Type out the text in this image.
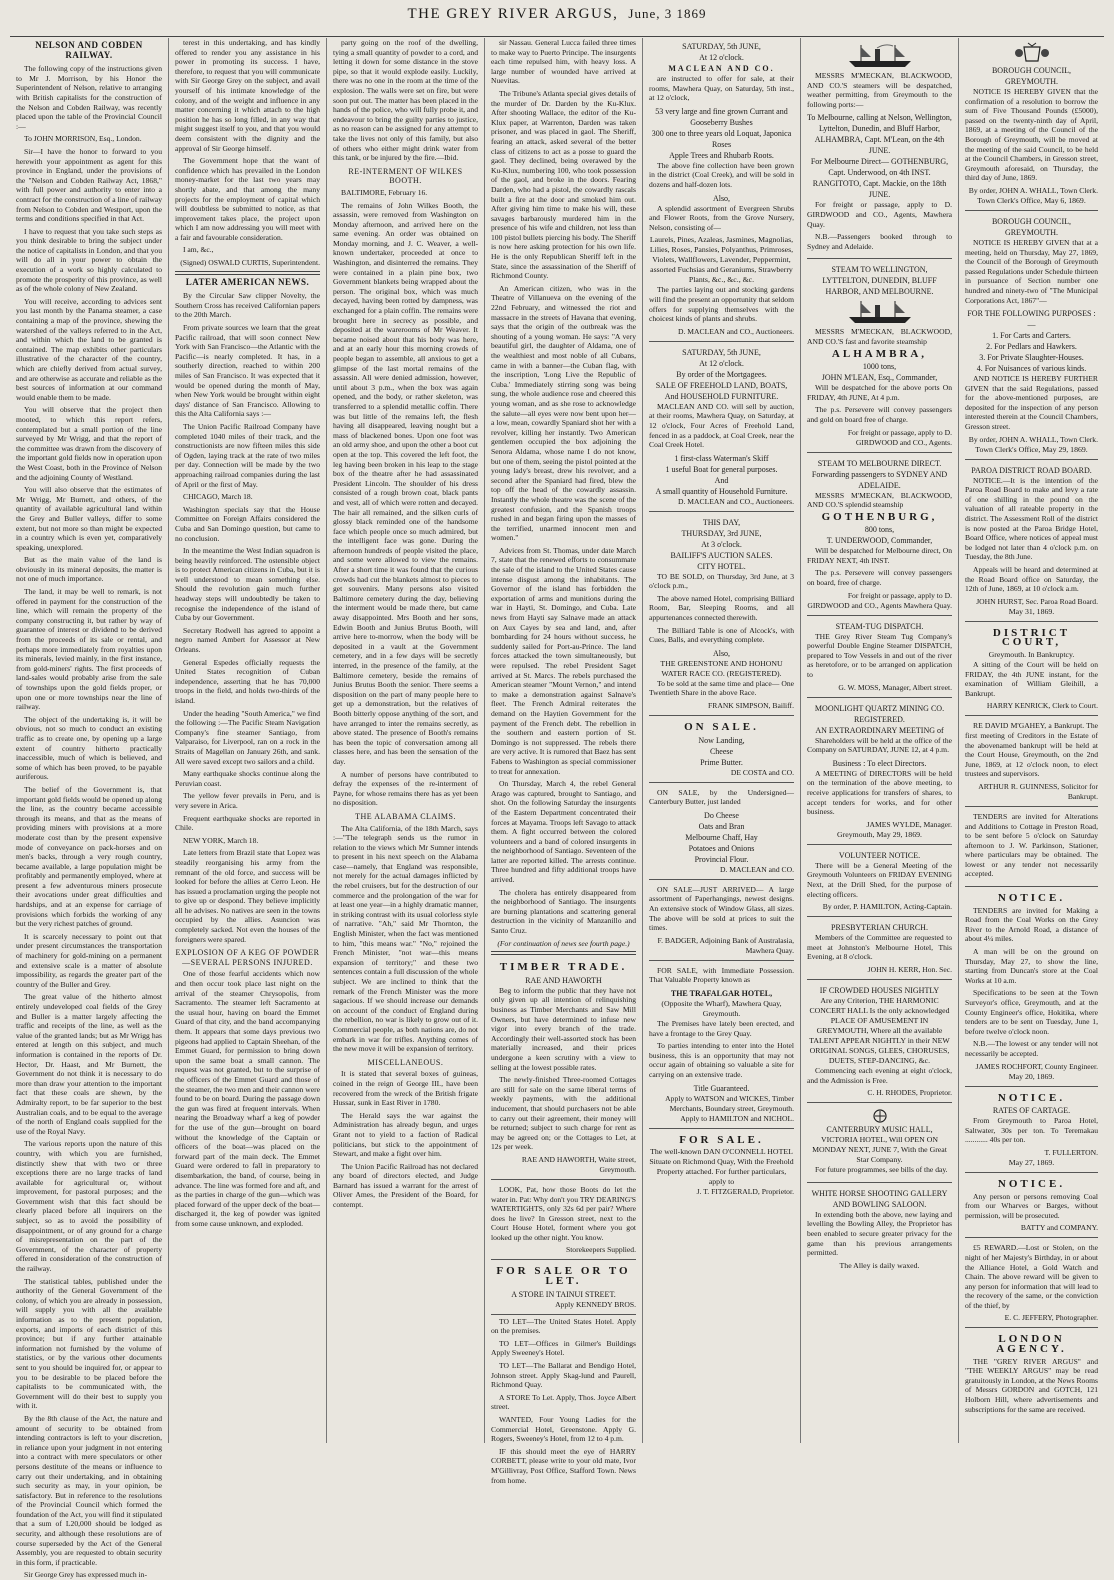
THE GREY RIVER ARGUS, June, 3 1869
NELSON AND COBDEN RAILWAY.

The following copy of the instructions given to Mr J. Morrison, by his Honor the Superintendent of Nelson, relative to arranging with British capitalists for the construction of the Nelson and Cobden Railway, was recently placed upon the table of the Provincial Council :—

To JOHN MORRISON, Esq., London.

Sir—I have the honor to forward to you herewith your appointment as agent for this province in England, under the provisions of the "Nelson and Cobden Railway Act, 1868," with full power and authority to enter into a contract for the construction of a line of railway from Nelson to Cobden and Westport, upon the terms and conditions specified in that Act.

I have to request that you take such steps as you think desirable to bring the subject under the notice of capitalists in London, and that you will do all in your power to obtain the execution of a work so highly calculated to promote the prosperity of this province, as well as of the whole colony of New Zealand.

You will receive, according to advices sent you last month by the Panama steamer, a case containing a map of the province, shewing the watershed of the valleys referred to in the Act, and within which the land to be granted is contained. The map exhibits other particulars illustrative of the character of the country, which are chiefly derived from actual survey, and are otherwise as accurate and reliable as the best sources of information at our command would enable them to be made.

You will observe that the project then mooted, to which this report refers, contemplated but a small portion of the line surveyed by Mr Wrigg, and that the report of the committee was drawn from the discovery of the important gold fields now in operation upon the West Coast, both in the Province of Nelson and the adjoining County of Westland.

You will also observe that the estimates of Mr Wrigg, Mr Burnett, and others, of the quantity of available agricultural land within the Grey and Buller valleys, differ to some extent, but not more so than might be expected in a country which is even yet, comparatively speaking, unexplored.

But as the main value of the land is obviously in its mineral deposits, the matter is not one of much importance.

The land, it may be well to remark, is not offered in payment for the construction of the line, which will remain the property of the company constructing it, but rather by way of guarantee of interest or dividend to be derived from the proceeds of its sale or rental, and perhaps more immediately from royalties upon its minerals, levied mainly, in the first instance, from gold-miners' rights. The first proceeds of land-sales would probably arise from the sale of townships upon the gold fields proper, or upon one or more townships near the line of railway.

The object of the undertaking is, it will be obvious, not so much to conduct an existing traffic as to create one, by opening up a large extent of country hitherto practically inaccessible, much of which is believed, and some of which has been proved, to be payable auriferous.

The belief of the Government is, that important gold fields would be opened up along the line, as the country became accessible through its means, and that as the means of providing miners with provisions at a more moderate cost than by the present expensive mode of conveyance on pack-horses and on men's backs, through a very rough country, became available, a large population might be profitably and permanently employed, where at present a few adventurous miners prosecute their avocations under great difficulties and hardships, and at an expense for carriage of provisions which forbids the working of any but the very richest patches of ground.

It is scarcely necessary to point out that under present circumstances the transportation of machinery for gold-mining on a permanent and extensive scale is a matter of absolute impossibility, as regards the greater part of the country of the Buller and Grey.

The great value of the hitherto almost entirely undeveloped coal fields of the Grey and Buller is a matter largely affecting the traffic and receipts of the line, as well as the value of the granted lands; but as Mr Wrigg has entered at length on this subject, and much information is contained in the reports of Dr. Hector, Dr. Haast, and Mr Burnett, the Government do not think it is necessary to do more than draw your attention to the important fact that these coals are shewn, by the Admiralty report, to be far superior to the best Australian coals, and to be equal to the average of the north of England coals supplied for the use of the Royal Navy.

The various reports upon the nature of this country, with which you are furnished, distinctly shew that with two or three exceptions there are no large tracks of land available for agricultural or, without improvement, for pastoral purposes; and the Government wish that this fact should be clearly placed before all inquirers on the subject, so as to avoid the possibility of disappointment, or of any ground for a charge of misrepresentation on the part of the Government, of the character of property offered in consideration of the construction of the railway.

The statistical tables, published under the authority of the General Government of the colony, of which you are already in possession, will supply you with all the available information as to the present population, exports, and imports of each district of this province; but if any further attainable information not furnished by the volume of statistics, or by the various other documents sent to you should be inquired for, or appear to you to be desirable to be placed before the capitalists to be communicated with, the Government will do their best to supply you with it.

By the 8th clause of the Act, the nature and amount of security to be obtained from intending contractors is left to your discretion, in reliance upon your judgment in not entering into a contract with mere speculators or other persons destitute of the means or influence to carry out their undertaking, and in obtaining such security as may, in your opinion, be satisfactory. But in reference to the resolutions of the Provincial Council which formed the foundation of the Act, you will find it stipulated that a sum of L20,000 should be lodged as security, and although these resolutions are of course superseded by the Act of the General Assembly, you are requested to obtain security in this form, if practicable.

Sir George Grey has expressed much in-

terest in this undertaking, and has kindly offered to render you any assistance in his power in promoting its success. I have, therefore, to request that you will communicate with Sir George Grey on the subject, and avail yourself of his intimate knowledge of the colony, and of the weight and influence in any matter concerning it which attach to the high position he has so long filled, in any way that might suggest itself to you, and that you would deem consistent with the dignity and the approval of Sir George himself.

The Government hope that the want of confidence which has prevailed in the London money-market for the last two years may shortly abate, and that among the many projects for the employment of capital which will doubtless be submitted to notice, as that improvement takes place, the project upon which I am now addressing you will meet with a fair and favourable consideration.

I am, &c.,

(Signed) OSWALD CURTIS, Superintendent.
LATER AMERICAN NEWS.

By the Circular Saw clipper Novelty, the Southern Cross has received Californian papers to the 20th March.

From private sources we learn that the great Pacific railroad, that will soon connect New York with San Francisco—the Atlantic with the Pacific—is nearly completed. It has, in a southerly direction, reached to within 200 miles of San Francisco. It was expected that it would be opened during the month of May, when New York would be brought within eight days' distance of San Francisco. Allowing to this the Alta California says :—

The Union Pacific Railroad Company have completed 1040 miles of their track, and the constructionists are now fifteen miles this side of Ogden, laying track at the rate of two miles per day. Connection will be made by the two approaching railroad companies during the last of April or the first of May.

CHICAGO, March 18.

Washington specials say that the House Committee on Foreign Affairs considered the Cuba and San Domingo question, but came to no conclusion.

In the meantime the West Indian squadron is being heavily reinforced. The ostensible object is to protect American citizens in Cuba, but it is well understood to mean something else. Should the revolution gain much further headway steps will undoubtedly be taken to recognise the independence of the island of Cuba by our Government.

Secretary Rodwell has agreed to appoint a negro named Ambert for Assessor at New Orleans.

General Espedes officially requests the United States recognition of Cuban independence, asserting that he has 70,000 troops in the field, and holds two-thirds of the island.

Under the heading "South America," we find the following :—The Pacific Steam Navigation Company's fine steamer Santiago, from Valparaiso, for Liverpool, ran on a rock in the Straits of Magellan on January 26th, and sank. All were saved except two sailors and a child.

Many earthquake shocks continue along the Peruvian coast.

The yellow fever prevails in Peru, and is very severe in Arica.

Frequent earthquake shocks are reported in Chile.

NEW YORK, March 18.

Late letters from Brazil state that Lopez was steadily reorganising his army from the remnant of the old force, and success will be looked for before the allies at Cerro Leon. He has issued a proclamation urging the people not to give up or despond. They believe implicitly all he advises. No natives are seen in the towns occupied by the allies. Asuncion was completely sacked. Not even the houses of the foreigners were spared.

EXPLOSION OF A KEG OF POWDER—SEVERAL PERSONS INJURED.

One of those fearful accidents which now and then occur took place last night on the arrival of the steamer Chrysopolis, from Sacramento. The steamer left Sacramento at the usual hour, having on board the Emmet Guard of that city, and the band accompanying them. It appears that some days previous two pigeons had applied to Captain Sheehan, of the Emmet Guard, for permission to bring down upon the same boat a small cannon. The request was not granted, but to the surprise of the officers of the Emmet Guard and those of the steamer, the two men and their cannon were found to be on board. During the passage down the gun was fired at frequent intervals. When nearing the Broadway wharf a keg of powder for the use of the gun—brought on board without the knowledge of the Captain or officers of the boat—was placed on the forward part of the main deck. The Emmet Guard were ordered to fall in preparatory to disembarkation, the band, of course, being in advance. The line was formed fore and aft, and as the parties in charge of the gun—which was placed forward of the upper deck of the boat—discharged it, the keg of powder was ignited from some cause unknown, and exploded.

party going on the roof of the dwelling, tying a small quantity of powder to a cord, and letting it down for some distance in the stove pipe, so that it would explode easily. Luckily, there was no one in the room at the time of the explosion. The walls were set on fire, but were soon put out. The matter has been placed in the hands of the police, who will fully probe it, and endeavour to bring the guilty parties to justice, as no reason can be assigned for any attempt to take the lives not only of this family, but also of others who either might drink water from this tank, or be injured by the fire.—Ibid.

RE-INTERMENT OF WILKES BOOTH.

BALTIMORE, February 16.

The remains of John Wilkes Booth, the assassin, were removed from Washington on Monday afternoon, and arrived here on the same evening. An order was obtained on Monday morning, and J. C. Weaver, a well-known undertaker, proceeded at once to Washington, and disinterred the remains. They were contained in a plain pine box, two Government blankets being wrapped about the person. The original box, which was much decayed, having been rotted by dampness, was exchanged for a plain coffin. The remains were brought here in secrecy as possible, and deposited at the warerooms of Mr Weaver. It became noised about that his body was here, and at an early hour this morning crowds of people began to assemble, all anxious to get a glimpse of the last mortal remains of the assassin. All were denied admission, however, until about 3 p.m., when the box was again opened, and the body, or rather skeleton, was transferred to a splendid metallic coffin. There was but little of the remains left, the flesh having all disappeared, leaving nought but a mass of blackened bones. Upon one foot was an old army shoe, and upon the other a boot cut open at the top. This covered the left foot, the leg having been broken in his leap to the stage box of the theatre after he had assassinated President Lincoln. The shoulder of his dress consisted of a rough brown coat, black pants and vest, all of which were rotten and decayed. The hair all remained, and the silken curls of glossy black reminded one of the handsome face which people once so much admired, but the intelligent face was gone. During the afternoon hundreds of people visited the place, and some were allowed to view the remains. After a short time it was found that the curious crowds had cut the blankets almost to pieces to get souvenirs. Many persons also visited Baltimore cemetery during the day, believing the interment would be made there, but came away disappointed. Mrs Booth and her sons, Edwin Booth and Junius Brutus Booth, will arrive here to-morrow, when the body will be deposited in a vault at the Government cemetery, and in a few days will be secretly interred, in the presence of the family, at the Baltimore cemetery, beside the remains of Junius Brutus Booth the senior. There seems a disposition on the part of many people here to get up a demonstration, but the relatives of Booth bitterly oppose anything of the sort, and have arranged to inter the remains secretly, as above stated. The presence of Booth's remains has been the topic of conversation among all classes here, and has been the sensation of the day.

A number of persons have contributed to defray the expenses of the re-interment of Payne, for whose remains there has as yet been no disposition.

THE ALABAMA CLAIMS.

The Alta California, of the 18th March, says :—"The telegraph sends us the rumor in relation to the views which Mr Sumner intends to present in his next speech on the Alabama case—namely, that England was responsible, not merely for the actual damages inflicted by the rebel cruisers, but for the destruction of our commerce and the prolongation of the war for at least one year—in a highly dramatic manner, in striking contrast with its usual colorless style of narrative. "Ah," said Mr Thornton, the English Minister, when the fact was mentioned to him, "this means war." "No," rejoined the French Minister, "not war—this means expansion of territory;" and these two sentences contain a full discussion of the whole subject. We are inclined to think that the remark of the French Minister was the more sagacious. If we should increase our demands on account of the conduct of England during the rebellion, no war is likely to grow out of it. Commercial people, as both nations are, do not embark in war for trifles. Anything comes of the new move it will be expansion of territory.

MISCELLANEOUS.

It is stated that several boxes of guineas, coined in the reign of George III., have been recovered from the wreck of the British frigate Hussar, sunk in East River in 1780.

The Herald says the war against the Administration has already begun, and urges Grant not to yield to a faction of Radical politicians, but stick to the appointment of Stewart, and make a fight over him.

The Union Pacific Railroad has not declared any board of directors elected, and Judge Barnard has issued a warrant for the arrest of Oliver Ames, the President of the Board, for contempt.

sir Nassau. General Lucca failed three times to make way to Puerto Principe. The insurgents each time repulsed him, with heavy loss. A large number of wounded have arrived at Nuevitas.

The Tribune's Atlanta special gives details of the murder of Dr. Darden by the Ku-Klux. After shooting Wallace, the editor of the Ku-Klux paper, at Warrenton, Darden was taken prisoner, and was placed in gaol. The Sheriff, fearing an attack, asked several of the better class of citizens to act as a posse to guard the gaol. They declined, being overawed by the Ku-Klux, numbering 100, who took possession of the gaol, and broke in the doors. Fearing Darden, who had a pistol, the cowardly rascals built a fire at the door and smoked him out. After giving him time to make his will, these savages barbarously murdered him in the presence of his wife and children, not less than 100 pistol bullets piercing his body. The Sheriff is now here asking protection for his own life. He is the only Republican Sheriff left in the State, since the assassination of the Sheriff of Richmond County.

An American citizen, who was in the Theatre of Villanueva on the evening of the 22nd February, and witnessed the riot and massacre in the streets of Havana that evening, says that the origin of the outbreak was the shouting of a young woman. He says: "A very beautiful girl, the daughter of Aldama, one of the wealthiest and most noble of all Cubans, came in with a banner—the Cuban flag, with the inscription, 'Long Live the Republic of Cuba.' Immediately stirring song was being sung, the whole audience rose and cheered this young woman, and as she rose to acknowledge the salute—all eyes were now bent upon her—a low, mean, cowardly Spaniard shot her with a revolver, killing her instantly. Two American gentlemen occupied the box adjoining the Senora Aldama, whose name I do not know, but one of them, seeing the pistol pointed at the young lady's breast, drew his revolver, and a second after the Spaniard had fired, blew the top off the head of the cowardly assassin. Instantly the whole theatre was the scene of the greatest confusion, and the Spanish troops rushed in and began firing upon the masses of the terrified, unarmed innocent men and women."

Advices from St. Thomas, under date March 7, state that the renewed efforts to consummate the sale of the island to the United States cause intense disgust among the inhabitants. The Governor of the island has forbidden the exportation of arms and munitions during the war in Hayti, St. Domingo, and Cuba. Late news from Hayti say Salnave made an attack on Aux Cayes by sea and land, and, after bombarding for 24 hours without success, he suddenly sailed for Port-au-Prince. The land forces attacked the town simultaneously, but were repulsed. The rebel President Saget arrived at St. Marcs. The rebels purchased the American steamer "Mount Vernon," and intend to make a demonstration against Salnave's fleet. The French Admiral reiterates the demand on the Haytien Government for the payment of the French debt. The rebellion in the southern and eastern portion of St. Domingo is not suppressed. The rebels there are very active. It is rumored that Baez has sent Fabens to Washington as special commissioner to treat for annexation.

On Thursday, March 4, the rebel General Arago was captured, brought to Santiago, and shot. On the following Saturday the insurgents of the Eastern Department concentrated their forces at Mayama. Troops left Savago to attack them. A fight occurred between the colored volunteers and a band of colored insurgents in the neighborhood of Santiago. Seventeen of the latter are reported killed. The arrests continue. Three hundred and fifty additional troops have arrived.

The cholera has entirely disappeared from the neighborhood of Santiago. The insurgents are burning plantations and scattering general destruction in the vicinity of Manzanillo and Santo Cruz.

(For continuation of news see fourth page.)
TIMBER TRADE.
RAE AND HAWORTH

Beg to inform the public that they have not only given up all intention of relinquishing business as Timber Merchants and Saw Mill Owners, but have determined to infuse new vigor into every branch of the trade. Accordingly their well-assorted stock has been materially increased, and their prices undergone a keen scrutiny with a view to selling at the lowest possible rates.

The newly-finished Three-roomed Cottages are still for sale on the same liberal terms of weekly payments, with the additional inducement, that should purchasers not be able to carry out their agreement, their money will be returned; subject to such charge for rent as may be agreed on; or the Cottages to Let, at 12s per week.

RAE AND HAWORTH, Waite street, Greymouth.

LOOK, Pat, how those Boots do let the water in. Pat: Why don't you TRY DEARING'S WATERTIGHTS, only 32s 6d per pair? Where does he live? In Gresson street, next to the Court House Hotel, forment where you got looked up the other night. You know.

Storekeepers Supplied.
FOR SALE OR TO LET.
A STORE IN TAINUI STREET.
Apply KENNEDY BROS.

TO LET—The United States Hotel. Apply on the premises.

TO LET—Offices in Gilmer's Buildings Apply Sweeney's Hotel.

TO LET—The Ballarat and Bendigo Hotel, Johnson street. Apply Skag-lund and Paurell, Richmond Quay.

A STORE To Let. Apply, Thos. Joyce Albert street.

WANTED, Four Young Ladies for the Commercial Hotel, Greenstone. Apply G. Rogers, Sweeney's Hotel, from 12 to 4 p.m.

IF this should meet the eye of HARRY CORBETT, please write to your old mate, Ivor M'Gillivray, Post Office, Stafford Town. News from home.

SATURDAY, 5th JUNE,
At 12 o'clock.
MACLEAN AND CO.

are instructed to offer for sale, at their rooms, Mawhera Quay, on Saturday, 5th inst., at 12 o'clock,

53 very large and fine grown Currant and Gooseberry Bushes
300 one to three years old Loquat, Japonica Roses
Apple Trees and Rhubarb Roots.

The above fine collection have been grown in the district (Coal Creek), and will be sold in dozens and half-dozen lots.

Also,

A splendid assortment of Evergreen Shrubs and Flower Roots, from the Grove Nursery, Nelson, consisting of—

Laurels, Pines, Azaleas, Jasmines, Magnolias, Lilies, Roses, Pansies, Polyanthus, Primroses, Violets, Wallflowers, Lavender, Peppermint, assorted Fuchsias and Geraniums, Strawberry Plants, &c., &c., &c.

The parties laying out and stocking gardens will find the present an opportunity that seldom offers for supplying themselves with the choicest kinds of plants and shrubs.

D. MACLEAN and CO., Auctioneers.
SATURDAY, 5th JUNE,
At 12 o'clock.
By order of the Mortgagees.
SALE OF FREEHOLD LAND, BOATS, And HOUSEHOLD FURNITURE.

MACLEAN AND CO. will sell by auction, at their rooms, Mawhera Quay, on Saturday, at 12 o'clock, Four Acres of Freehold Land, fenced in as a paddock, at Coal Creek, near the Coal Creek Hotel.

1 first-class Waterman's Skiff
1 useful Boat for general purposes.
And
A small quantity of Household Furniture.
D. MACLEAN and CO., Auctioneers.
THIS DAY,
THURSDAY, 3rd JUNE,
At 3 o'clock.
BAILIFF'S AUCTION SALES.
CITY HOTEL.

TO BE SOLD, on Thursday, 3rd June, at 3 o'clock p.m.,

The above named Hotel, comprising Billiard Room, Bar, Sleeping Rooms, and all appurtenances connected therewith.

The Billiard Table is one of Alcock's, with Cues, Balls, and everything complete.

Also,
THE GREENSTONE AND HOHONU WATER RACE CO. (REGISTERED).

To be sold at the same time and place— One Twentieth Share in the above Race.

FRANK SIMPSON, Bailiff.
ON SALE.
Now Landing,
Cheese
Prime Butter.
DE COSTA and CO.

ON SALE, by the Undersigned— Canterbury Butter, just landed

Do Cheese
Oats and Bran
Melbourne Chaff, Hay
Potatoes and Onions
Provincial Flour.
D. MACLEAN and CO.

ON SALE—JUST ARRIVED— A large assortment of Paperhangings, newest designs. An extensive stock of Window Glass, all sizes. The above will be sold at prices to suit the times.

F. BADGER, Adjoining Bank of Australasia, Mawhera Quay.

FOR SALE, with Immediate Possession. That Valuable Property known as

THE TRAFALGAR HOTEL,
(Opposite the Wharf), Mawhera Quay, Greymouth.

The Premises have lately been erected, and have a frontage to the Grey Quay.

To parties intending to enter into the Hotel business, this is an opportunity that may not occur again of obtaining so valuable a site for carrying on an extensive trade.

Title Guaranteed.
Apply to WATSON and WICKES, Timber Merchants, Boundary street, Greymouth.
Apply to HAMILTON and NICHOL.
FOR SALE.
The well-known DAN O'CONNELL HOTEL Situate on Richmond Quay, With the Freehold Property attached. For further particulars, apply to
J. T. FITZGERALD, Proprietor.

MESSRS M'MECKAN, BLACKWOOD, AND CO.'S steamers will be despatched, weather permitting, from Greymouth to the following ports:—

To Melbourne, calling at Nelson, Wellington, Lyttelton, Dunedin, and Bluff Harbor,
ALHAMBRA, Capt. M'Lean, on the 4th JUNE.
For Melbourne Direct— GOTHENBURG, Capt. Underwood, on 4th INST.
RANGITOTO, Capt. Mackie, on the 18th JUNE.

For freight or passage, apply to D. GIRDWOOD and CO., Agents, Mawhera Quay.

N.B.—Passengers booked through to Sydney and Adelaide.

STEAM TO WELLINGTON, LYTTELTON, DUNEDIN, BLUFF HARBOR, AND MELBOURNE.

MESSRS M'MECKAN, BLACKWOOD, AND CO.'S fast and favorite steamship

ALHAMBRA,
1000 tons,
JOHN M'LEAN, Esq., Commander,

Will be despatched for the above ports On FRIDAY, 4th JUNE, At 4 p.m.

The p.s. Persevere will convey passengers and gold on board free of charge.

For freight or passage, apply to D. GIRDWOOD and CO., Agents.
STEAM TO MELBOURNE DIRECT.
Forwarding passengers to SYDNEY AND ADELAIDE.

MESSRS M'MECKAN, BLACKWOOD, AND CO.'S splendid steamship

GOTHENBURG,
800 tons,
T. UNDERWOOD, Commander,

Will be despatched for Melbourne direct, On FRIDAY NEXT, 4th INST.

The p.s. Persevere will convey passengers on board, free of charge.

For freight or passage, apply to D. GIRDWOOD and CO., Agents Mawhera Quay.
STEAM-TUG DISPATCH.

THE Grey River Steam Tug Company's powerful Double Engine Steamer DISPATCH, prepared to Tow Vessels in and out of the river as heretofore, or to be arranged on application to

G. W. MOSS, Manager, Albert street.
MOONLIGHT QUARTZ MINING CO. REGISTERED.
AN EXTRAORDINARY MEETING of

Shareholders will be held at the office of the Company on SATURDAY, JUNE 12, at 4 p.m.

Business : To elect Directors.

A MEETING of DIRECTORS will be held on the termination of the above meeting, to receive applications for transfers of shares, to accept tenders for works, and for other business.

JAMES WYLDE, Manager.
Greymouth, May 29, 1869.
VOLUNTEER NOTICE.

There will be a General Meeting of the Greymouth Volunteers on FRIDAY EVENING Next, at the Drill Shed, for the purpose of electing officers.

By order, P. HAMILTON, Acting-Captain.
PRESBYTERIAN CHURCH.

Members of the Committee are requested to meet at Johnston's Melbourne Hotel, This Evening, at 8 o'clock.

JOHN H. KERR, Hon. Sec.
IF CROWDED HOUSES NIGHTLY
Are any Criterion, THE HARMONIC CONCERT HALL Is the only acknowledged PLACE OF AMUSEMENT IN GREYMOUTH, Where all the available TALENT APPEAR NIGHTLY in their NEW ORIGINAL SONGS, GLEES, CHORUSES, DUETS, STEP-DANCING, &c.

Commencing each evening at eight o'clock, and the Admission is Free.

C. H. RHODES, Proprietor.
CANTERBURY MUSIC HALL,
VICTORIA HOTEL, Will OPEN ON MONDAY NEXT, JUNE 7, With the Great Star Company.

For future programmes, see bills of the day.

WHITE HORSE SHOOTING GALLERY AND BOWLING SALOON.

In extending both the above, new laying and levelling the Bowling Alley, the Proprietor has been enabled to secure greater privacy for the game than his previous arrangements permitted.

The Alley is daily waxed.
BOROUGH COUNCIL, GREYMOUTH.

NOTICE IS HEREBY GIVEN that the confirmation of a resolution to borrow the sum of Five Thousand Pounds (£5000), passed on the twenty-ninth day of April, 1869, at a meeting of the Council of the Borough of Greymouth, will be moved at the meeting of the said Council, to be held at the Council Chambers, in Gresson street, Greymouth aforesaid, on Thursday, the third day of June, 1869.

By order, JOHN A. WHALL, Town Clerk.
Town Clerk's Office, May 6, 1869.
BOROUGH COUNCIL, GREYMOUTH.

NOTICE IS HEREBY GIVEN that at a meeting, held on Thursday, May 27, 1869, the Council of the Borough of Greymouth passed Regulations under Schedule thirteen in pursuance of Section number one hundred and ninety-two of "The Municipal Corporations Act, 1867"—

FOR THE FOLLOWING PURPOSES :—
1. For Carts and Carters.
2. For Pedlars and Hawkers.
3. For Private Slaughter-Houses.
4. For Nuisances of various kinds.

AND NOTICE IS HEREBY FURTHER GIVEN that the said Regulations, passed for the above-mentioned purposes, are deposited for the inspection of any person interested therein at the Council Chambers, Gresson street.

By order, JOHN A. WHALL, Town Clerk.
Town Clerk's Office, May 29, 1869.
PAROA DISTRICT ROAD BOARD.

NOTICE.—It is the intention of the Paroa Road Board to make and levy a rate of one shilling in the pound on the valuation of all rateable property in the district. The Assessment Roll of the district is now posted at the Paroa Bridge Hotel, Board Office, where notices of appeal must be lodged not later than 4 o'clock p.m. on Tuesday, the 8th June.

Appeals will be heard and determined at the Road Board office on Saturday, the 12th of June, 1869, at 10 o'clock a.m.

JOHN HURST, Sec. Paroa Road Board.
May 31, 1869.
DISTRICT COURT,
Greymouth. In Bankruptcy.

A sitting of the Court will be held on FRIDAY, the 4th JUNE instant, for the examination of William Gleihill, a Bankrupt.

HARRY KENRICK, Clerk to Court.

RE DAVID M'GAHEY, a Bankrupt. The first meeting of Creditors in the Estate of the abovenamed bankrupt will be held at the Court House, Greymouth, on the 2nd June, 1869, at 12 o'clock noon, to elect trustees and supervisors.

ARTHUR R. GUINNESS, Solicitor for Bankrupt.

TENDERS are invited for Alterations and Additions to Cottage in Preston Road, to be sent before 5 o'clock on Saturday afternoon to J. W. Parkinson, Stationer, where particulars may be obtained. The lowest or any tender not necessarily accepted.

NOTICE.

TENDERS are invited for Making a Road from the Coal Works on the Grey River to the Arnold Road, a distance of about 4¼ miles.

A man will be on the ground on Thursday, May 27, to show the line, starting from Duncan's store at the Coal Works at 10 a.m.

Specifications to be seen at the Town Surveyor's office, Greymouth, and at the County Engineer's office, Hokitika, where tenders are to be sent on Tuesday, June 1, before twelve o'clock noon.

N.B.—The lowest or any tender will not necessarily be accepted.

JAMES ROCHFORT, County Engineer.
May 20, 1869.
NOTICE.
RATES OF CARTAGE.

From Greymouth to Paroa Hotel, Saltwater, 30s per ton. To Teremakau ............ 40s per ton.

T. FULLERTON.
May 27, 1869.
NOTICE.

Any person or persons removing Coal from our Wharves or Barges, without permission, will be prosecuted.

BATTY and COMPANY.

£5 REWARD.—Lost or Stolen, on the night of her Majesty's Birthday, in or about the Alliance Hotel, a Gold Watch and Chain. The above reward will be given to any person for information that will lead to the recovery of the same, or the conviction of the thief, by

E. C. JEFFERY, Photographer.
LONDON AGENCY.

THE "GREY RIVER ARGUS" and "THE WEEKLY ARGUS" may be read gratuitously in London, at the News Rooms of Messrs GORDON and GOTCH, 121 Holborn Hill, where advertisements and subscriptions for the same are received.
